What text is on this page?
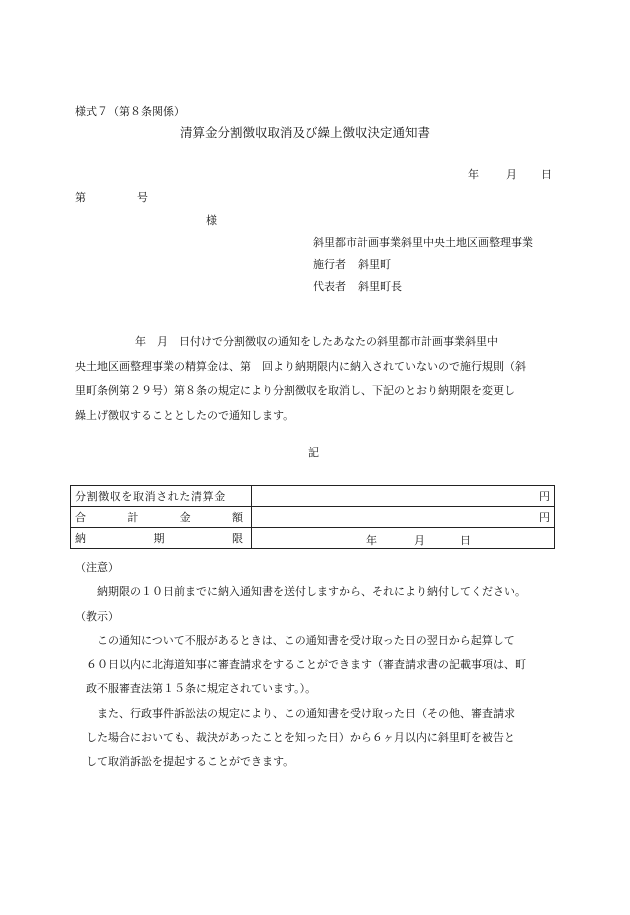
様式７（第８条関係）
清算金分割徴収取消及び繰上徴収決定通知書
年 月 日
第	号
様
斜里都市計画事業斜里中央土地区画整理事業
施行者 斜里町
代表者 斜里町長
年　月　日付けで分割徴収の通知をしたあなたの斜里都市計画事業斜里中
央土地区画整理事業の精算金は、第　回より納期限内に納入されていないので施行規則（斜
里町条例第２９号）第８条の規定により分割徴収を取消し、下記のとおり納期限を変更し
繰上げ徴収することとしたので通知します。
記
分割徴収を取消された清算金	円

合 計 金 額	円

納 期 限	年 月 日
（注意）
納期限の１０日前までに納入通知書を送付しますから、それにより納付してください。
（教示）
この通知について不服があるときは、この通知書を受け取った日の翌日から起算して
６０日以内に北海道知事に審査請求をすることができます（審査請求書の記載事項は、町
政不服審査法第１５条に規定されています。）。
また、行政事件訴訟法の規定により、この通知書を受け取った日（その他、審査請求
した場合においても、裁決があったことを知った日）から６ヶ月以内に斜里町を被告と
して取消訴訟を提起することができます。
